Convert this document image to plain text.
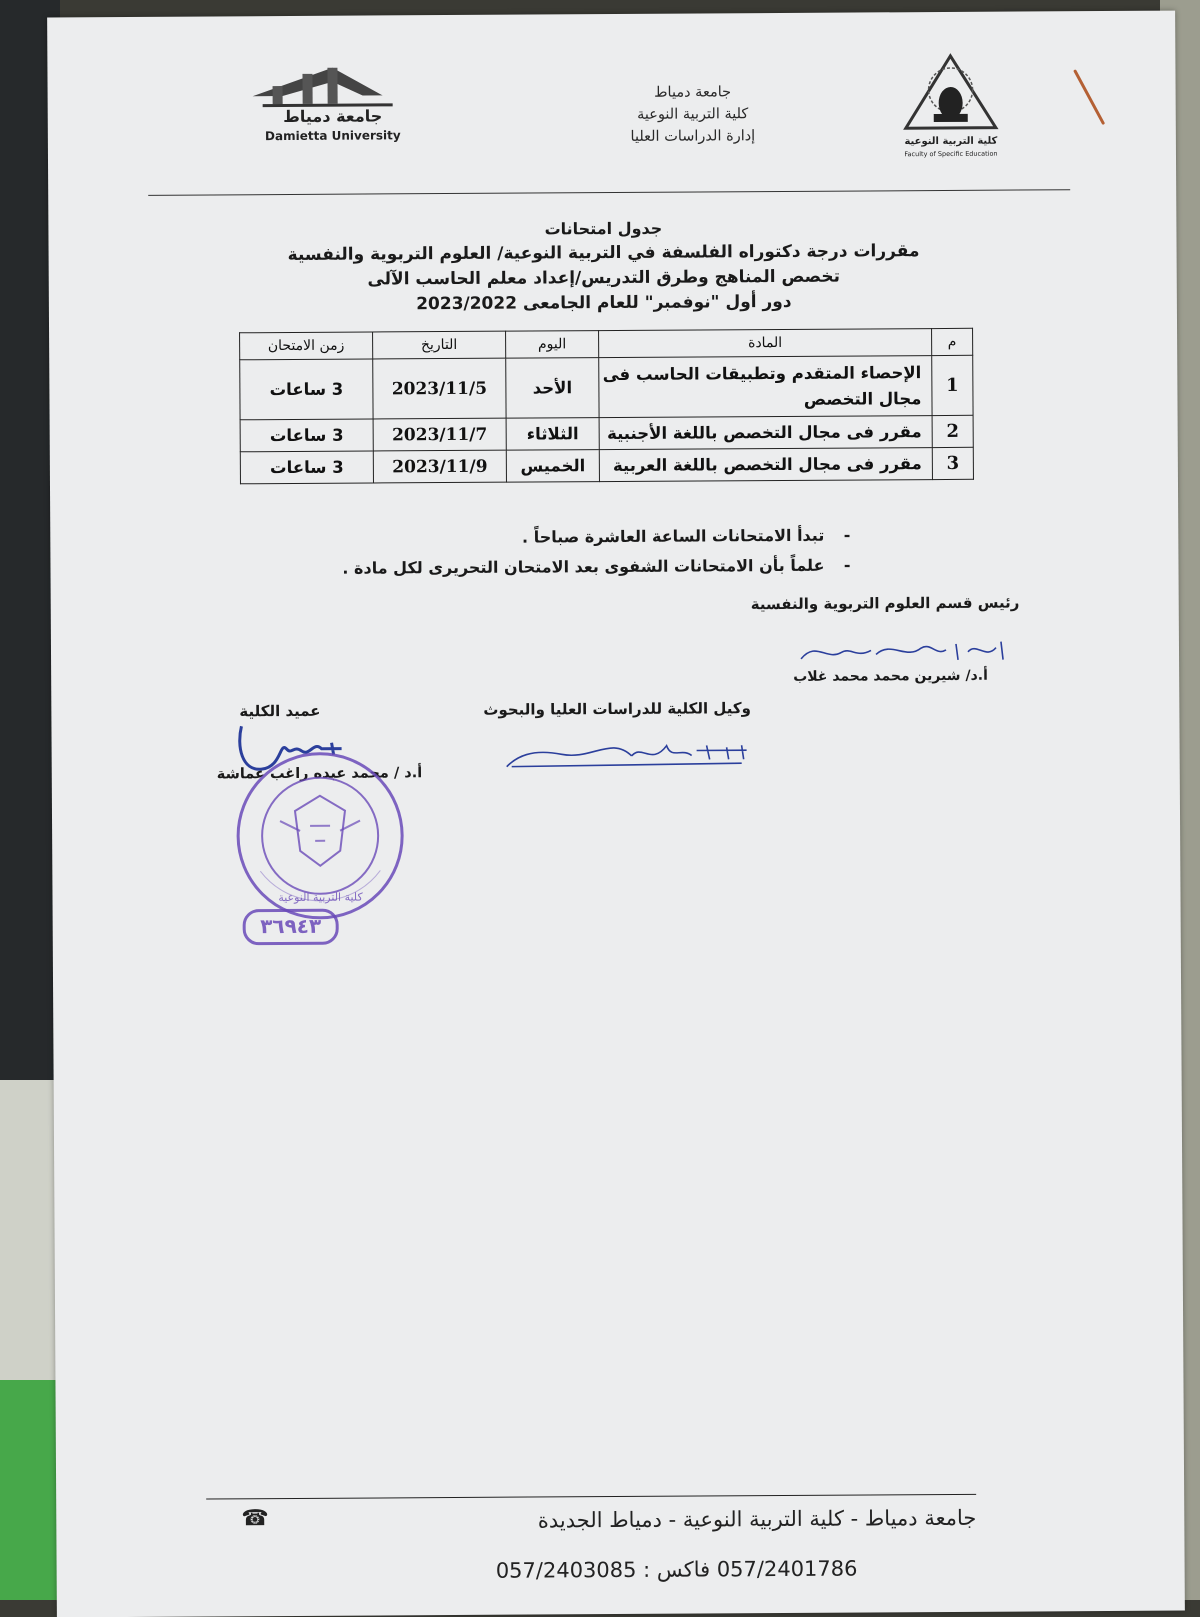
جامعة دمياط
Damietta University	كلية التربية النوعية
Faculty of Specific Education
جامعة دمياط
كلية التربية النوعية
إدارة الدراسات العليا
جدول امتحانات
مقررات درجة دكتوراه الفلسفة في التربية النوعية/ العلوم التربوية والنفسية
تخصص المناهج وطرق التدريس/إعداد معلم الحاسب الآلى
دور أول "نوفمبر" للعام الجامعى 2023/2022
م	المادة	اليوم	التاريخ	زمن الامتحان
1	الإحصاء المتقدم وتطبيقات الحاسب فى مجال التخصص	الأحد	2023/11/5	3 ساعات
2	مقرر فى مجال التخصص باللغة الأجنبية	الثلاثاء	2023/11/7	3 ساعات
3	مقرر فى مجال التخصص باللغة العربية	الخميس	2023/11/9	3 ساعات
-تبدأ الامتحانات الساعة العاشرة صباحاً .
-علماً بأن الامتحانات الشفوى بعد الامتحان التحريرى لكل مادة .
رئيس قسم العلوم التربوية والنفسية
أ.د/ شيرين محمد محمد غلاب
وكيل الكلية للدراسات العليا والبحوث
عميد الكلية
أ.د / محمد عبده راغب عماشة
كلية التربية النوعية
٣٦٩٤٣
☎	جامعة دمياط - كلية التربية النوعية - دمياط الجديدة
057/2401786 فاكس : 057/2403085
